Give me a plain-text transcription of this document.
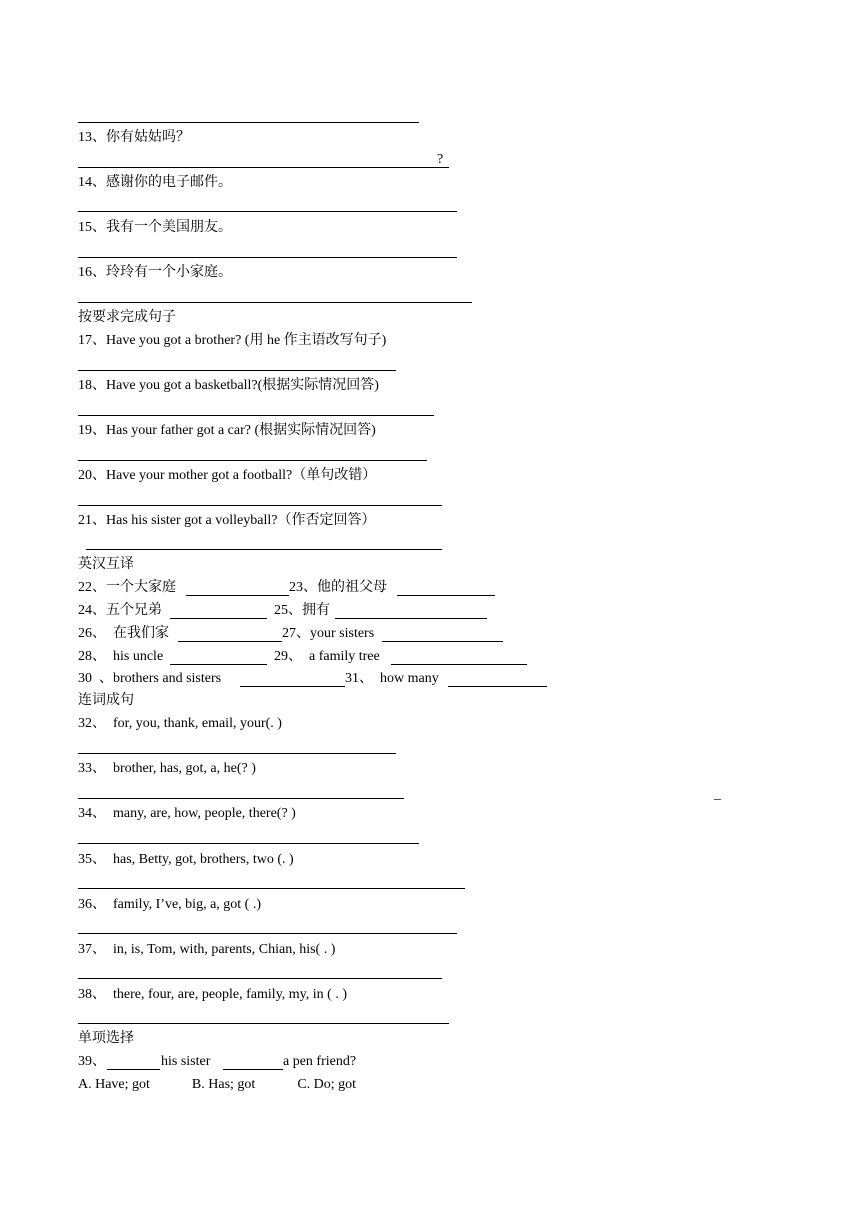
13、你有姑姑吗？
?
14、感谢你的电子邮件。
15、我有一个美国朋友。
16、玲玲有一个小家庭。
按要求完成句子
17、Have you got a brother? (用 he 作主语改写句子)
18、Have you got a basketball?(根据实际情况回答)
19、Has your father got a car? (根据实际情况回答)
20、Have your mother got a football?（单句改错）
21、Has his sister got a volleyball?（作否定回答）
英汉互译
22、一个大家庭	23、他的祖父母
24、五个兄弟	25、拥有
26、  在我们家	27、your sisters
28、  his uncle	29、  a family tree
30  、brothers and sisters	31、  how many
连词成句
32、  for, you, thank, email, your(. )
33、  brother, has, got, a, he(? )
_
34、  many, are, how, people, there(? )
35、  has, Betty, got, brothers, two (. )
36、  family, I’ve, big, a, got ( .)
37、  in, is, Tom, with, parents, Chian, his( . )
38、  there, four, are, people, family, my, in ( . )
单项选择
39、	his sister	a pen friend?
A. Have; got            B. Has; got            C. Do; got
